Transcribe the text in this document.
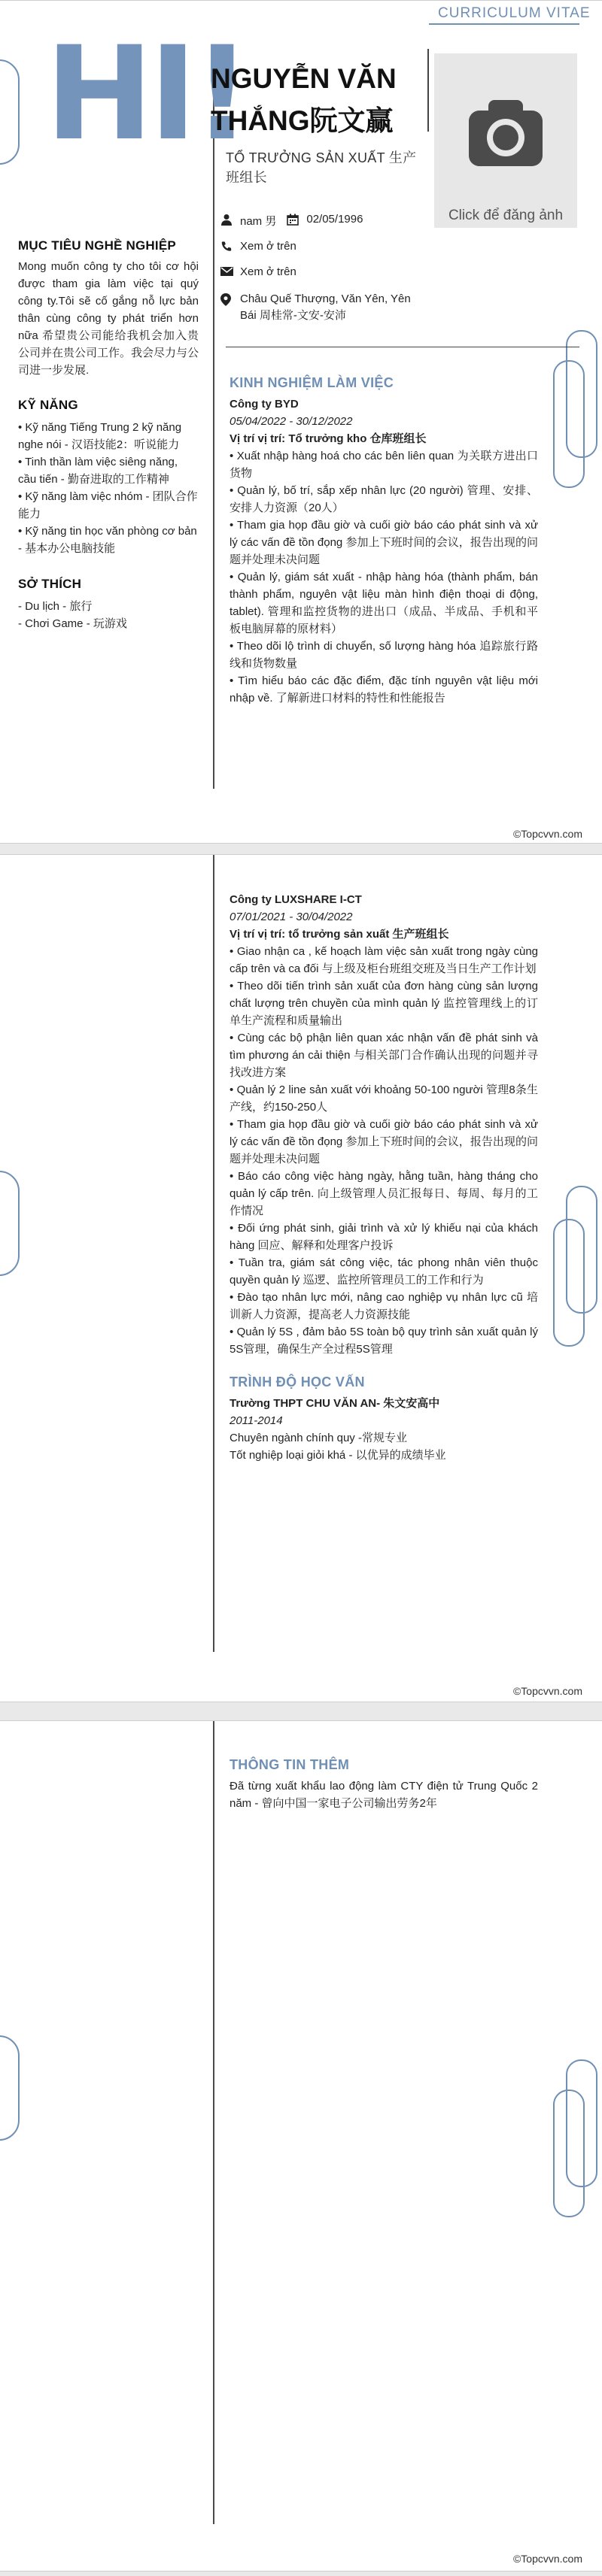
CURRICULUM VITAE
HI!
NGUYỄN VĂN
THẮNG阮文赢
TỔ TRƯỞNG SẢN XUẤT 生产班组长
Click để đăng ảnh
nam 男	02/05/1996
Xem ở trên
Xem ở trên
Châu Quế Thượng, Văn Yên, Yên
Bái 周桂常-文安-安沛
MỤC TIÊU NGHỀ NGHIỆP
Mong muốn công ty cho tôi cơ hội được tham gia làm việc tại quý công ty.Tôi sẽ cố gắng nỗ lực bản thân cùng công ty phát triển hơn nữa 希望贵公司能给我机会加入贵公司并在贵公司工作。我会尽力与公司进一步发展.
KỸ NĂNG
• Kỹ năng Tiếng Trung 2 kỹ năng nghe nói - 汉语技能2：听说能力
• Tinh thần làm việc siêng năng, cầu tiến - 勤奋进取的工作精神
• Kỹ năng làm việc nhóm - 团队合作能力
• Kỹ năng tin học văn phòng cơ bản - 基本办公电脑技能
SỞ THÍCH
- Du lịch - 旅行
- Chơi Game - 玩游戏
KINH NGHIỆM LÀM VIỆC
Công ty BYD
05/04/2022 - 30/12/2022
Vị trí vị trí: Tổ trưởng kho 仓库班组长
• Xuất nhập hàng hoá cho các bên liên quan 为关联方进出口货物
• Quản lý, bố trí, sắp xếp nhân lực (20 người) 管理、安排、安排人力资源（20人）
• Tham gia họp đầu giờ và cuối giờ báo cáo phát sinh và xử lý các vấn đề tồn đọng 参加上下班时间的会议，报告出现的问题并处理未决问题
• Quản lý, giám sát xuất - nhập hàng hóa (thành phẩm, bán thành phẩm, nguyên vật liệu màn hình điện thoại di động, tablet). 管理和监控货物的进出口（成品、半成品、手机和平板电脑屏幕的原材料）
• Theo dõi lộ trình di chuyển, số lượng hàng hóa 追踪旅行路线和货物数量
• Tìm hiểu báo các đặc điểm, đặc tính nguyên vật liệu mới nhập về. 了解新进口材料的特性和性能报告
©Topcvvn.com
Công ty LUXSHARE I-CT
07/01/2021 - 30/04/2022
Vị trí vị trí: tổ trưởng sản xuất 生产班组长
• Giao nhận ca , kế hoạch làm việc sản xuất trong ngày cùng cấp trên và ca đối 与上级及柜台班组交班及当日生产工作计划
• Theo dõi tiến trình sản xuất của đơn hàng cùng sản lượng chất lượng trên chuyền của mình quản lý 监控管理线上的订单生产流程和质量输出
• Cùng các bộ phận liên quan xác nhận vấn đề phát sinh và tìm phương án cải thiện 与相关部门合作确认出现的问题并寻找改进方案
• Quản lý 2 line sản xuất với khoảng 50-100 người 管理8条生产线，约150-250人
• Tham gia họp đầu giờ và cuối giờ báo cáo phát sinh và xử lý các vấn đề tồn đọng 参加上下班时间的会议，报告出现的问题并处理未决问题
• Báo cáo công việc hàng ngày, hằng tuần, hàng tháng cho quản lý cấp trên. 向上级管理人员汇报每日、每周、每月的工作情况
• Đối ứng phát sinh, giải trình và xử lý khiếu nại của khách hàng 回应、解释和处理客户投诉
• Tuần tra, giám sát công việc, tác phong nhân viên thuộc quyền quản lý 巡逻、监控所管理员工的工作和行为
• Đào tạo nhân lực mới, nâng cao nghiệp vụ nhân lực cũ 培训新人力资源，提高老人力资源技能
• Quản lý 5S , đảm bảo 5S toàn bộ quy trình sản xuất quản lý 5S管理，确保生产全过程5S管理
TRÌNH ĐỘ HỌC VẤN
Trường THPT CHU VĂN AN- 朱文安高中
2011-2014
Chuyên ngành chính quy -常规专业
Tốt nghiệp loại giỏi khá - 以优异的成绩毕业
©Topcvvn.com
THÔNG TIN THÊM
Đã từng xuất khẩu lao động làm CTY điện tử Trung Quốc 2 năm - 曾向中国一家电子公司输出劳务2年
©Topcvvn.com
